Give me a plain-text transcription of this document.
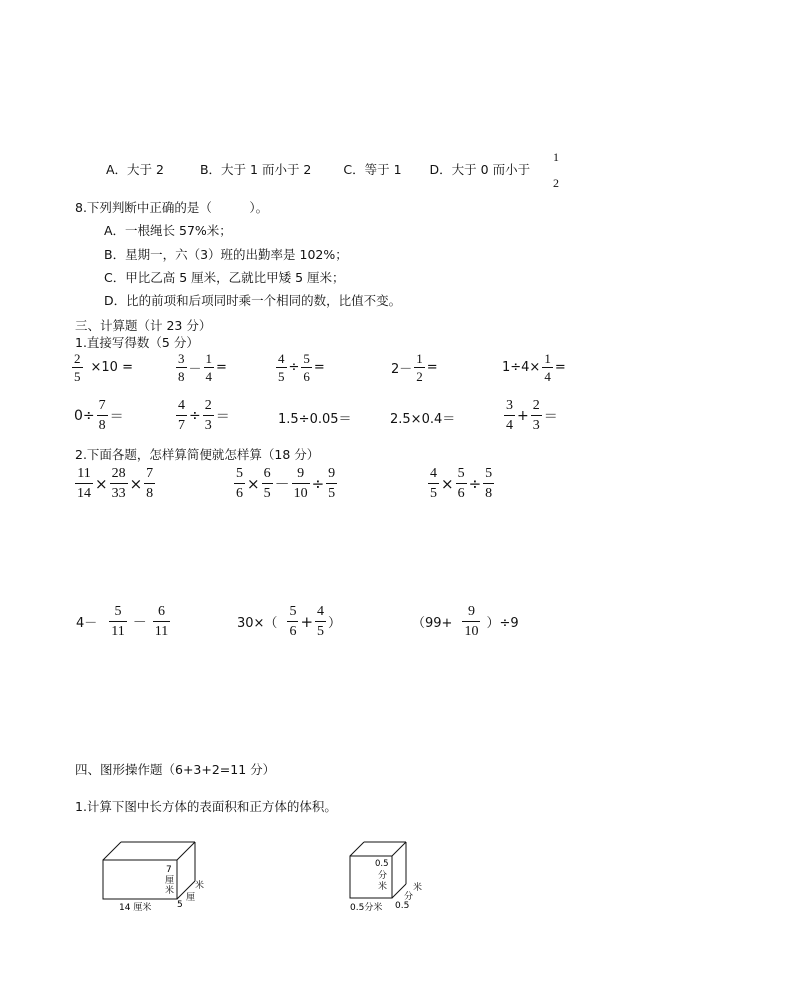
A．大于 2	B．大于 1 而小于 2	C．等于 1 D．大于 0 而小于
1
2
8.下列判断中正确的是（　　　）。
A．一根绳长 57%米；
B．星期一，六（3）班的出勤率是 102%；
C．甲比乙高 5 厘米，乙就比甲矮 5 厘米；
D．比的前项和后项同时乘一个相同的数，比值不变。
三、计算题（计 23 分）
1.直接写得数（5 分）
$\frac{2}{5} \times 10$ =	$\frac{3}{8} - \frac{1}{4}$ =	$\frac{4}{5} \div \frac{5}{6}$ =	$2- \frac{1}{2}$ =	$1\div 4\times \frac{1}{4}$ =
$0\div \frac{7}{8}$ ＝	$\frac{4}{7} \div \frac{2}{3}$ ＝	1.5÷0.05＝	2.5×0.4＝	$\frac{3}{4} + \frac{2}{3}$ ＝
2.下面各题，怎样算简便就怎样算（18 分）
$\frac{11}{14} \times \frac{28}{33} \times \frac{7}{8}$	$\frac{5}{6} \times \frac{6}{5} - \frac{9}{10} \div \frac{9}{5}$	$\frac{4}{5} \times \frac{5}{6} \div \frac{5}{8}$
$4- \frac{5}{11} - \frac{6}{11}$	$30\times( \frac{5}{6} + \frac{4}{5}$ ）	$(99+ \frac{9}{10} )\div 9$
四、图形操作题（6+3+2=11 分）
1.计算下图中长方体的表面积和正方体的体积。
7
厘
米
14 厘米	5
厘
米
0.5
分
米
0.5分米 0.5
分
米
